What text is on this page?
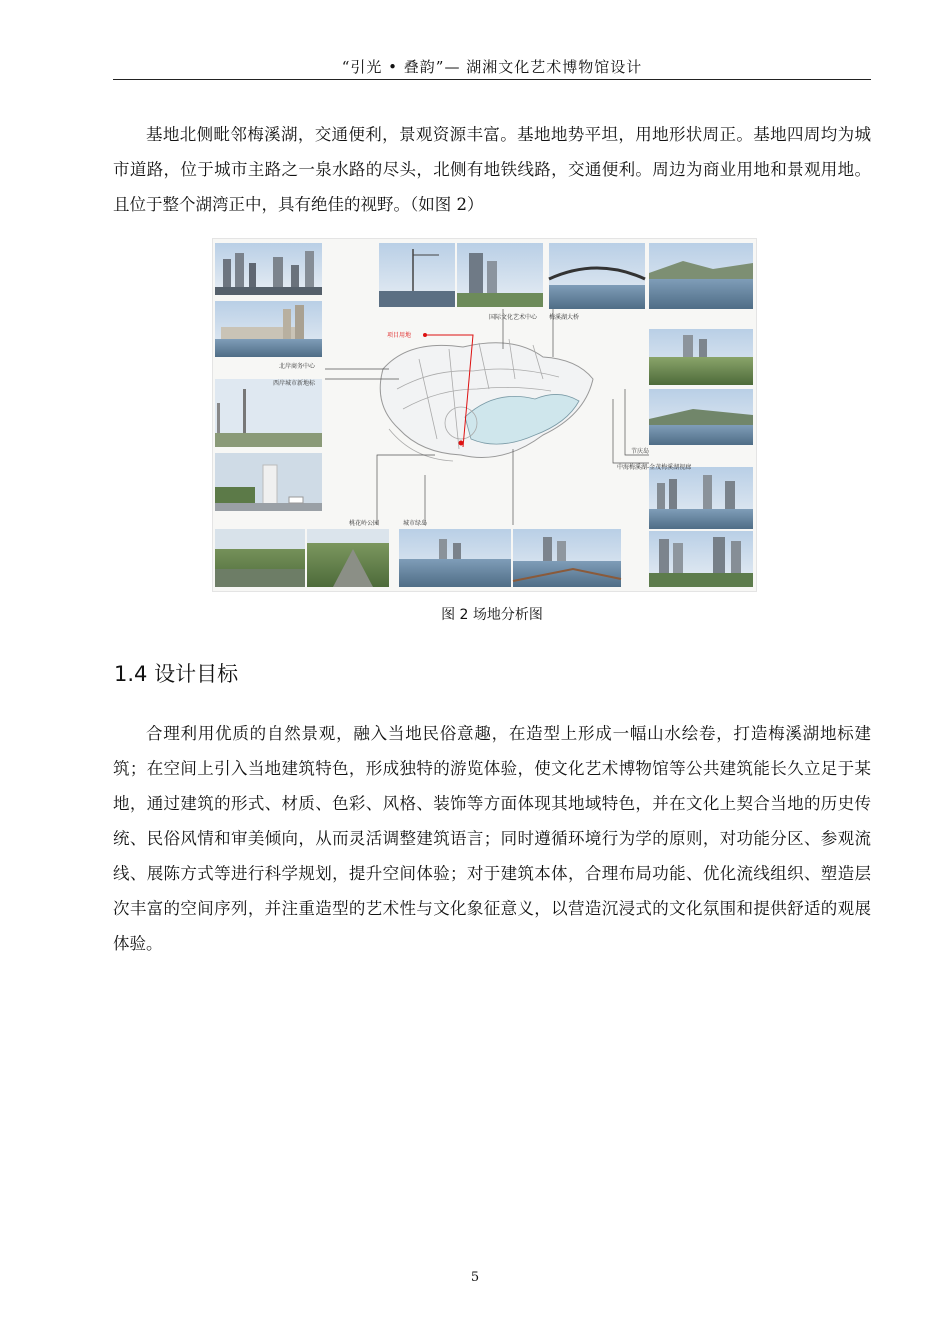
“引光 • 叠韵”— 湖湘文化艺术博物馆设计

基地北侧毗邻梅溪湖，交通便利，景观资源丰富。基地地势平坦，用地形状周正。基地四周均为城市道路，位于城市主路之一泉水路的尽头，北侧有地铁线路，交通便利。周边为商业用地和景观用地。且位于整个湖湾正中，具有绝佳的视野。（如图 2）

项目用地
国际文化艺术中心 梅溪湖大桥
北岸商务中心
西岸城市新地标
节庆岛
中海梅溪湖-金茂梅溪湖视廊
桃花岭公园	城市绿岛
图 2 场地分析图
1.4 设计目标

合理利用优质的自然景观，融入当地民俗意趣，在造型上形成一幅山水绘卷，打造梅溪湖地标建筑；在空间上引入当地建筑特色，形成独特的游览体验，使文化艺术博物馆等公共建筑能长久立足于某地，通过建筑的形式、材质、色彩、风格、装饰等方面体现其地域特色，并在文化上契合当地的历史传统、民俗风情和审美倾向，从而灵活调整建筑语言；同时遵循环境行为学的原则，对功能分区、参观流线、展陈方式等进行科学规划，提升空间体验；对于建筑本体，合理布局功能、优化流线组织、塑造层次丰富的空间序列，并注重造型的艺术性与文化象征意义，以营造沉浸式的文化氛围和提供舒适的观展体验。

5
